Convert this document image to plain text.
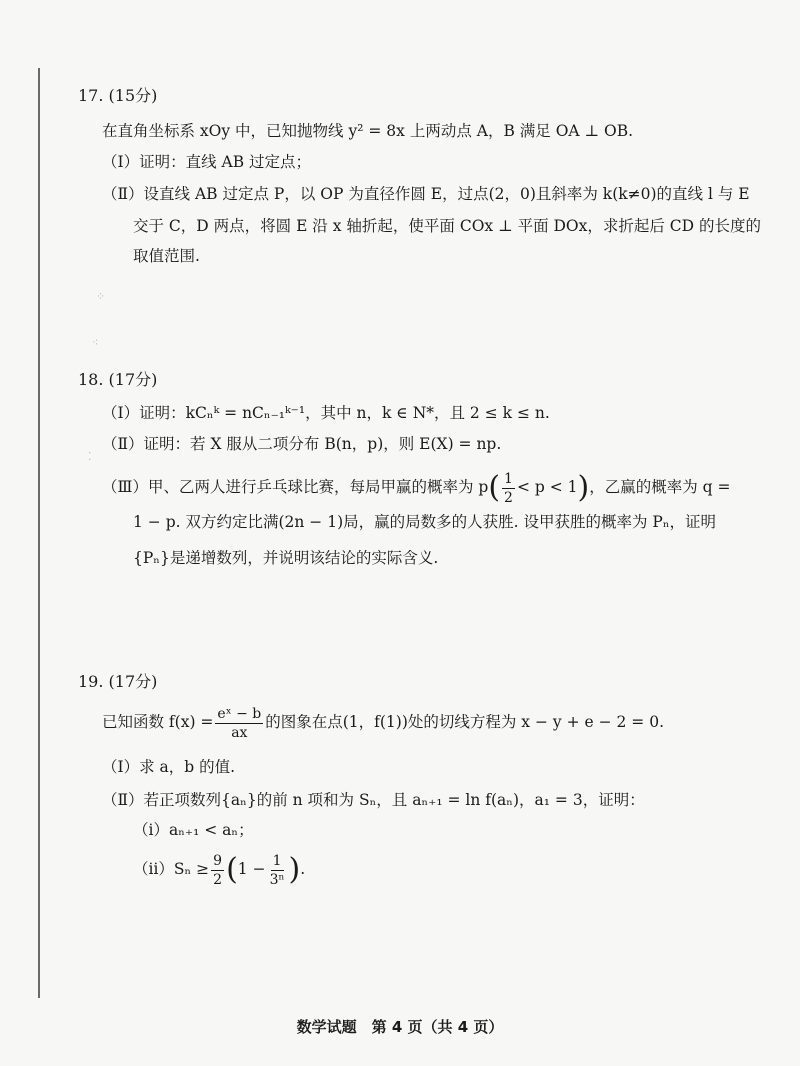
17. (15分)
在直角坐标系 xOy 中，已知抛物线 y² = 8x 上两动点 A，B 满足 OA ⊥ OB.
（Ⅰ）证明：直线 AB 过定点；
（Ⅱ）设直线 AB 过定点 P，以 OP 为直径作圆 E，过点(2，0)且斜率为 k(k≠0)的直线 l 与 E
交于 C，D 两点，将圆 E 沿 x 轴折起，使平面 COx ⊥ 平面 DOx，求折起后 CD 的长度的
取值范围.
⁘
⁖
⁚
18. (17分)
（Ⅰ）证明：kCₙᵏ = nCₙ₋₁ᵏ⁻¹，其中 n，k ∈ N*，且 2 ≤ k ≤ n.
（Ⅱ）证明：若 X 服从二项分布 B(n，p)，则 E(X) = np.
（Ⅲ）甲、乙两人进行乒乓球比赛，每局甲赢的概率为 $p( \frac{1}{2} < p < 1)$，乙赢的概率为 q =
1 − p. 双方约定比满(2n − 1)局，赢的局数多的人获胜. 设甲获胜的概率为 Pₙ，证明
{Pₙ}是递增数列，并说明该结论的实际含义.
19. (17分)
已知函数 $f(x) = \frac{\text{eˣ − b}}{ax}$ 的图象在点(1，f(1))处的切线方程为 x − y + e − 2 = 0.
（Ⅰ）求 a，b 的值.
（Ⅱ）若正项数列{aₙ}的前 n 项和为 Sₙ，且 aₙ₊₁ = ln f(aₙ)，a₁ = 3，证明：
（ⅰ）aₙ₊₁ < aₙ；
（ⅱ）Sₙ ≥ $\frac{9}{2} (1 - \frac{1}{\text{3ⁿ}}$ ).
数学试题　第 4 页（共 4 页）
